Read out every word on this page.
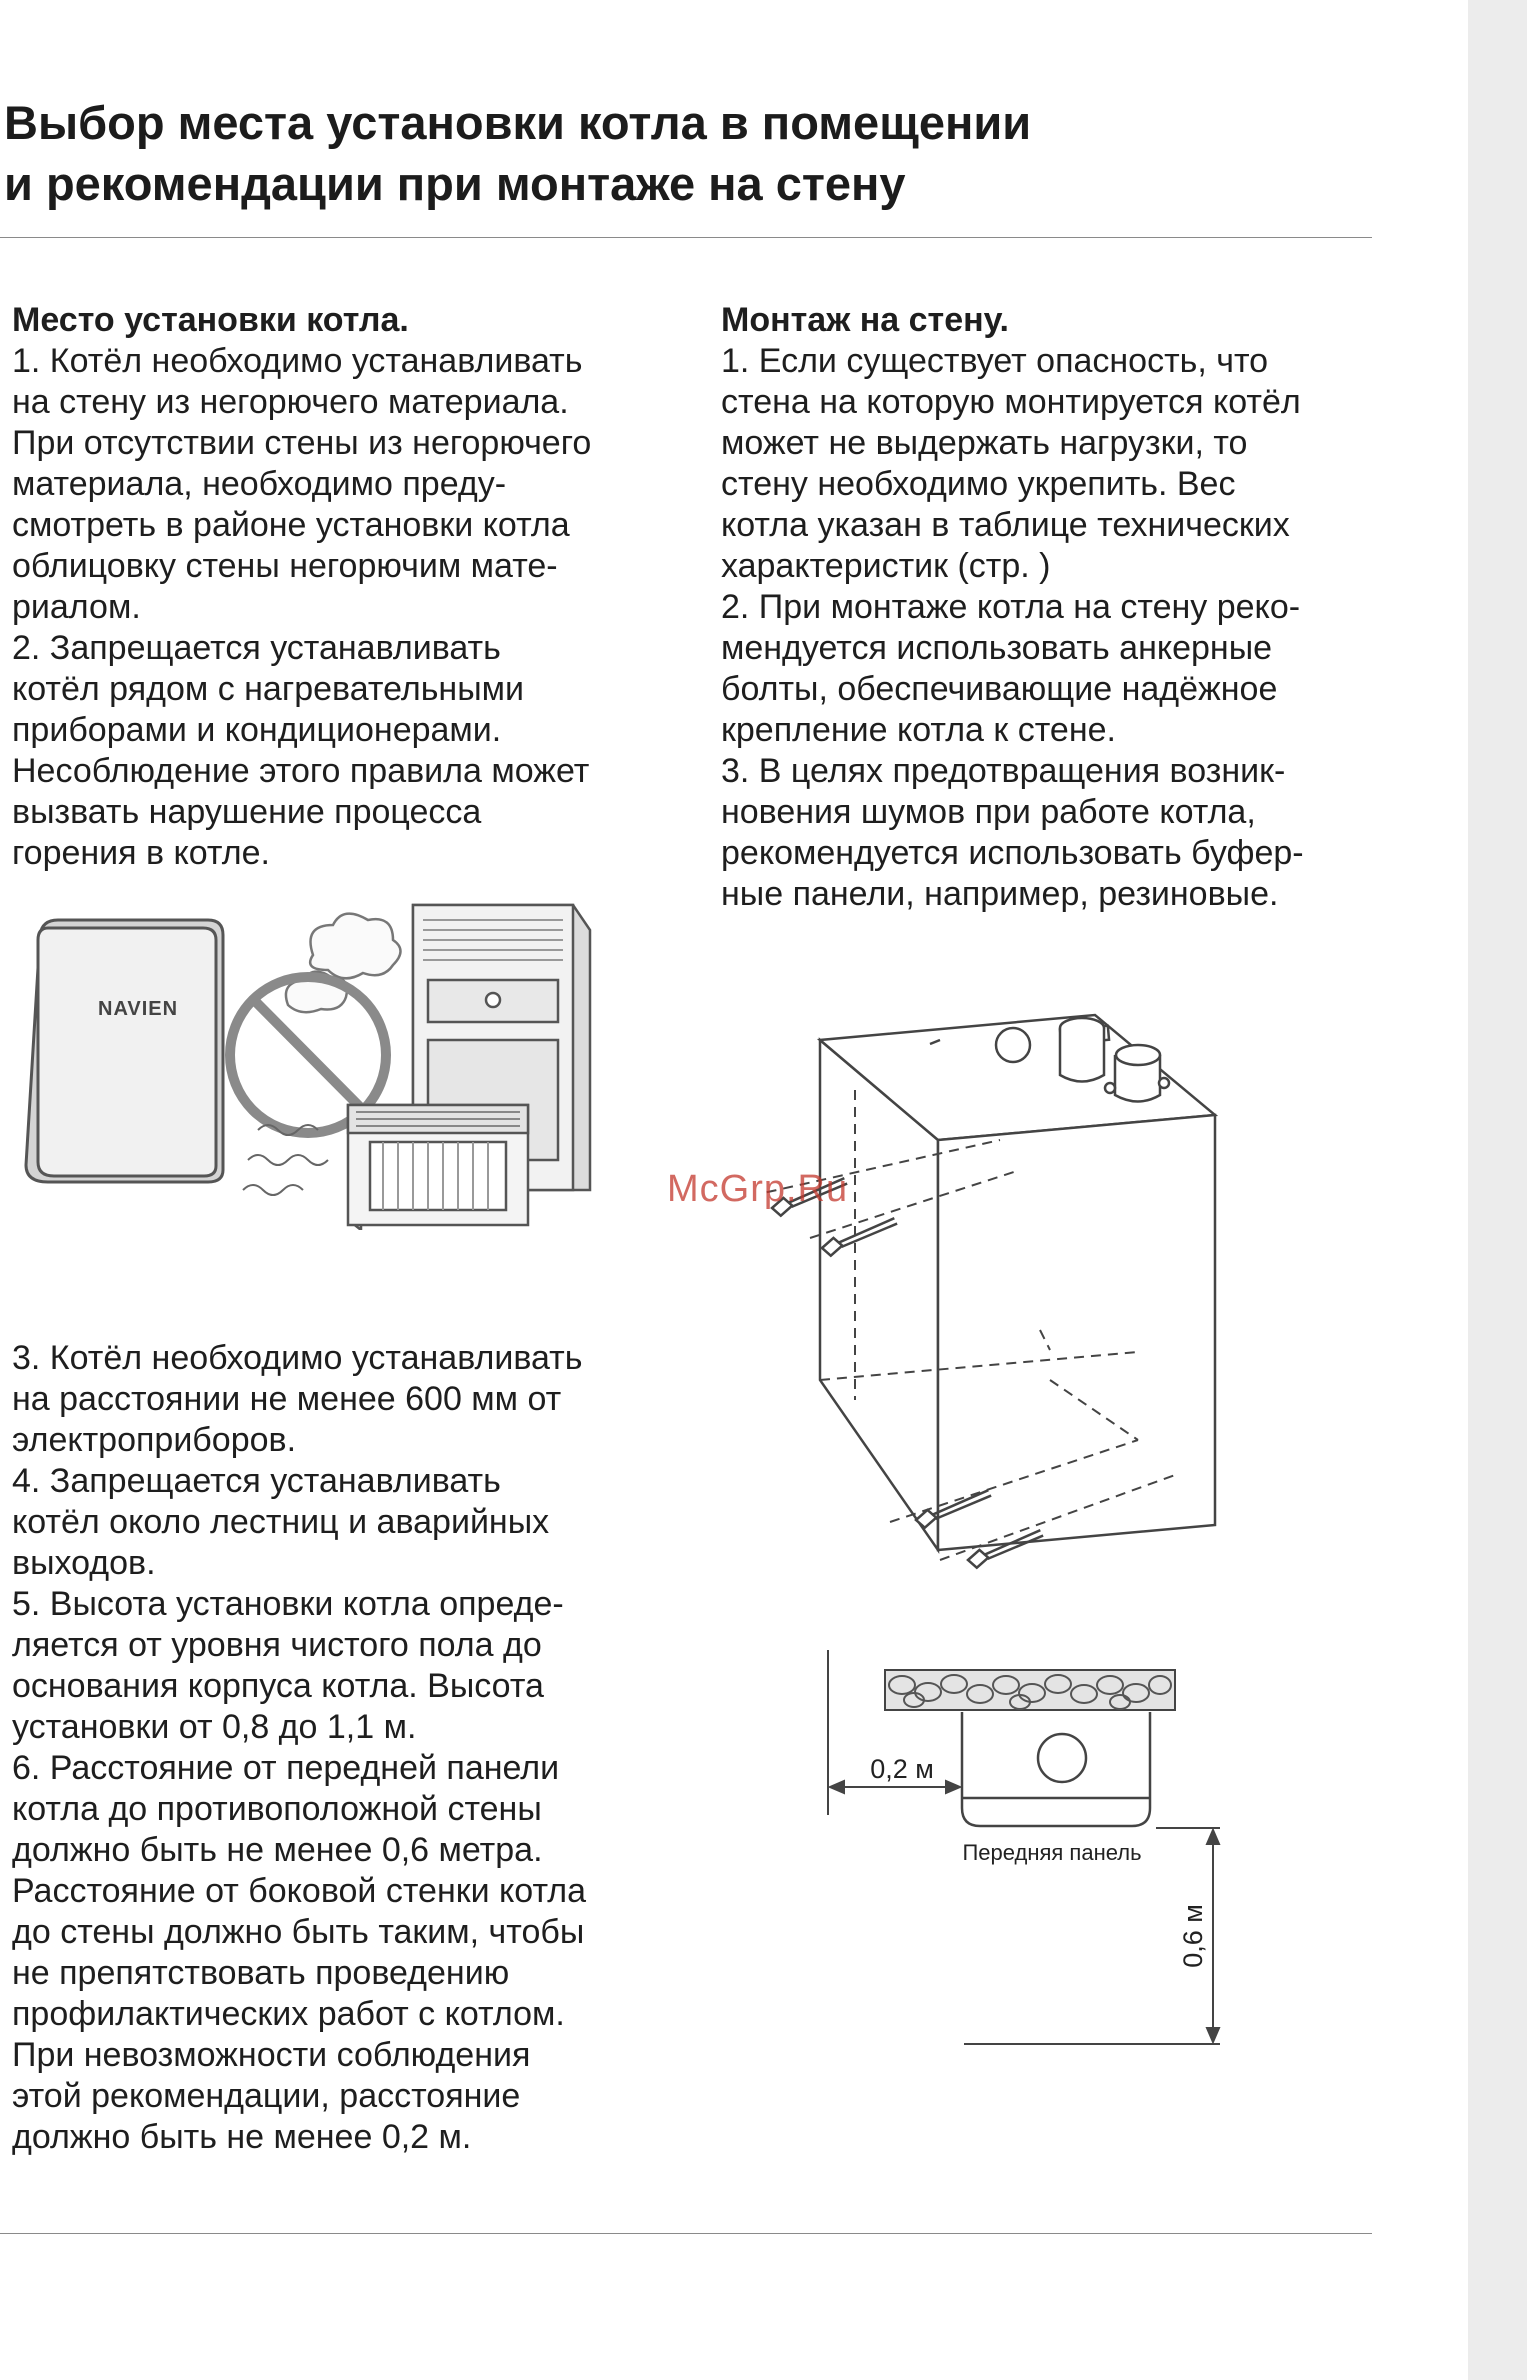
Выбор места установки котла в помещении
и рекомендации при монтаже на стену

Место установки котла.

1. Котёл необходимо устанавливать на стену из негорючего материала.

При отсутствии стены из негорючего материала, необходимо преду-смотреть в районе установки котла облицовку стены негорючим мате-риалом.

2. Запрещается устанавливать котёл рядом с нагревательными приборами и кондиционерами.

Несоблюдение этого правила может вызвать нарушение процесса горения в котле.

Монтаж на стену.

1. Если существует опасность, что стена на которую монтируется котёл может не выдержать нагрузки, то стену необходимо укрепить. Вес котла указан в таблице технических характеристик (стр. )

2. При монтаже котла на стену реко-мендуется использовать анкерные болты, обеспечивающие надёжное крепление котла к стене.

3. В целях предотвращения возник-новения шумов при работе котла, рекомендуется использовать буфер-ные панели, например, резиновые.

3. Котёл необходимо устанавливать на расстоянии не менее 600 мм от электроприборов.

4. Запрещается устанавливать котёл около лестниц и аварийных выходов.

5. Высота установки котла опреде-ляется от уровня чистого пола до основания корпуса котла. Высота установки от 0,8 до 1,1 м.

6. Расстояние от передней панели котла до противоположной стены должно быть не менее 0,6 метра. Расстояние от боковой стенки котла до стены должно быть таким, чтобы не препятствовать проведению профилактических работ с котлом.

При невозможности соблюдения этой рекомендации, расстояние должно быть не менее 0,2 м.

NAVIEN
McGrp.Ru
0,2 м
Передняя панель
0,6 м
